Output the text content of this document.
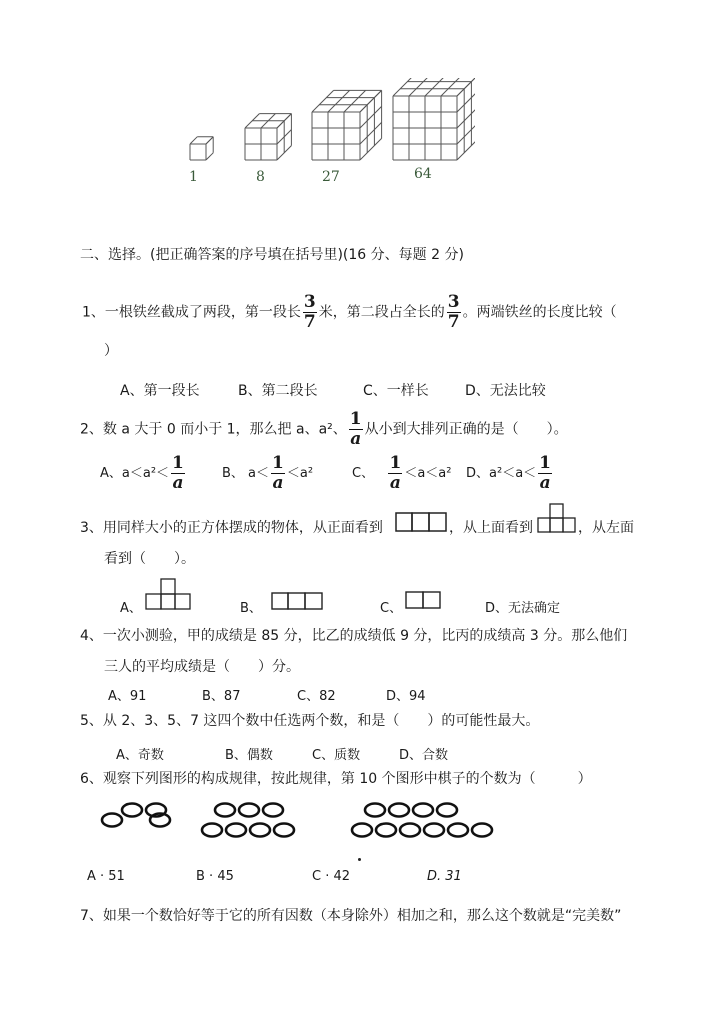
1	8	27	64
二、选择。(把正确答案的序号填在括号里)(16 分、每题 2 分)
1、一根铁丝截成了两段，第一段长 $\frac{3}{7}$ 米，第二段占全长的 $\frac{3}{7}$ 。两端铁丝的长度比较（
）
A、第一段长	B、第二段长	C、一样长	D、无法比较
2、数 a 大于 0 而小于 1，那么把 a、a²、 $\frac{1}{a}$ 从小到大排列正确的是（　　）。
A、$a<a^2< \frac{1}{a}$	B、 $a< \frac{1}{a} <a^2$	C、 $\frac{1}{a} <a<a^2$ D、$a^2<a< \frac{1}{a}$
3、用同样大小的正方体摆成的物体，从正面看到	，从上面看到	，从左面
看到（　　）。
A、	B、	C、	D、无法确定
4、一次小测验，甲的成绩是 85 分，比乙的成绩低 9 分，比丙的成绩高 3 分。那么他们
三人的平均成绩是（　　）分。
A、91	B、87	C、82	D、94
5、从 2、3、5、7 这四个数中任选两个数，和是（　　）的可能性最大。
A、奇数	B、偶数	C、质数	D、合数
6、观察下列图形的构成规律，按此规律，第 10 个图形中棋子的个数为（　　　）
A · 51	B · 45	C · 42	D. 31
7、如果一个数恰好等于它的所有因数（本身除外）相加之和，那么这个数就是“完美数”
